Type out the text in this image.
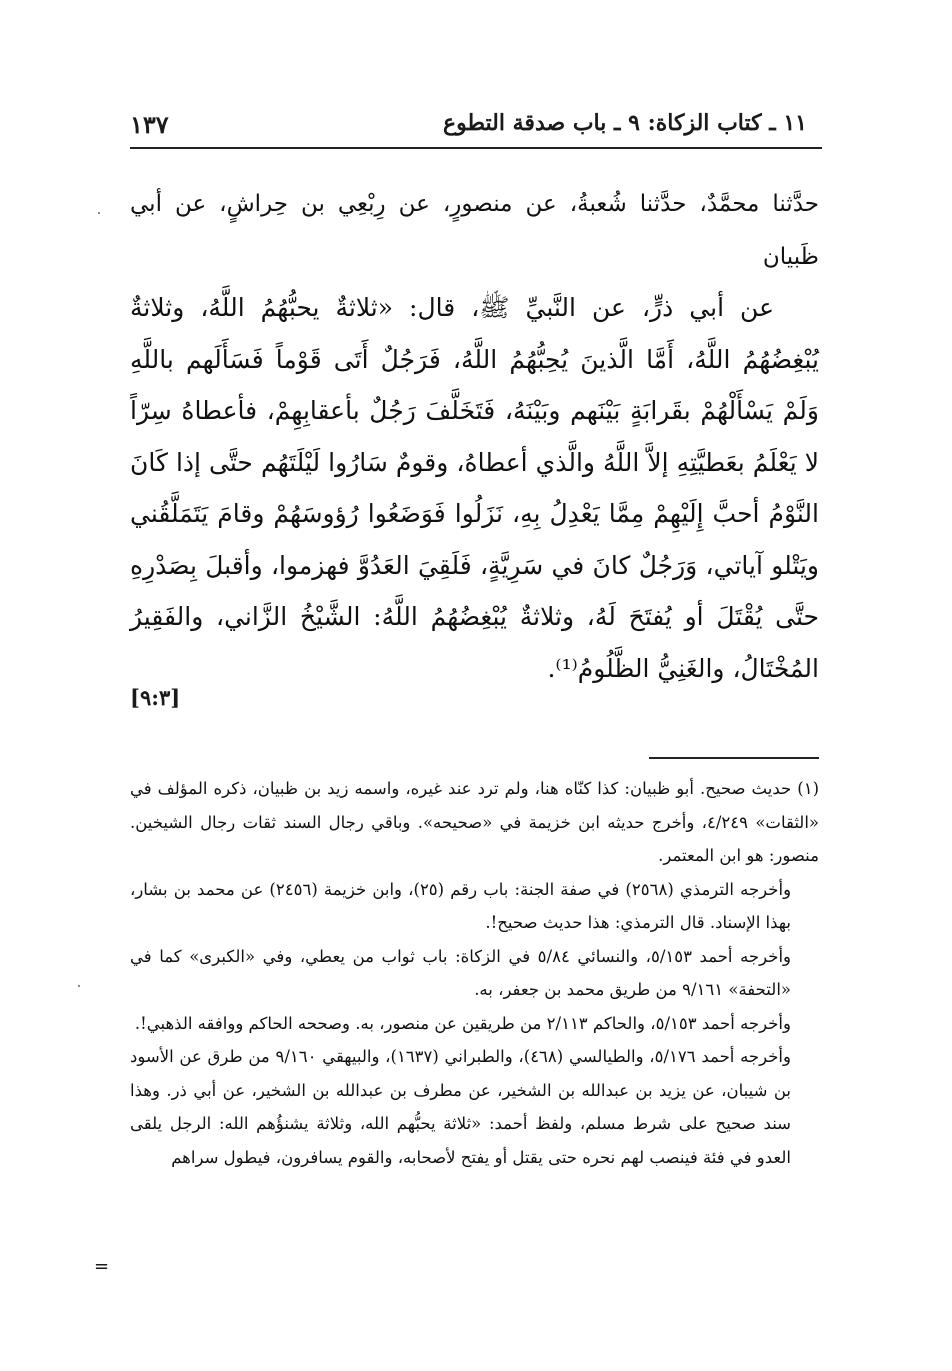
١١ ـ كتاب الزكاة: ٩ ـ باب صدقة التطوع
١٣٧
حدَّثنا محمَّدٌ، حدَّثنا شُعبةُ، عن منصورٍ، عن رِبْعِي بن حِراشٍ، عن أبي ظَبيان

عن أبي ذرٍّ، عن النَّبيِّ ﷺ، قال: «ثلاثةٌ يحبُّهُمُ اللَّهُ، وثلاثةٌ يُبْغِضُهُمُ اللَّهُ، أَمَّا الَّذينَ يُحِبُّهُمُ اللَّهُ، فَرَجُلٌ أَتَى قَوْماً فَسَأَلَهم باللَّهِ وَلَمْ يَسْأَلْهُمْ بقَرابَةٍ بَيْنَهم وبَيْنَهُ، فَتَخَلَّفَ رَجُلٌ بأعقابِهِمْ، فأعطاهُ سِرّاً لا يَعْلَمُ بعَطيَّتِهِ إلاَّ اللَّهُ والَّذي أعطاهُ، وقومٌ سَارُوا لَيْلَتَهُم حتَّى إذا كَانَ النَّوْمُ أحبَّ إِلَيْهِمْ مِمَّا يَعْدِلُ بِهِ، نَزَلُوا فَوَضَعُوا رُؤوسَهُمْ وقامَ يَتَمَلَّقُني ويَتْلو آياتي، وَرَجُلٌ كانَ في سَرِيَّةٍ، فَلَقِيَ العَدُوَّ فهزموا، وأقبلَ بِصَدْرِهِ حتَّى يُقْتَلَ أو يُفتَحَ لَهُ، وثلاثةٌ يُبْغِضُهُمُ اللَّهُ: الشَّيْخُ الزَّاني، والفَقِيرُ المُخْتَالُ، والغَنِيُّ الظَّلُومُ⁽¹⁾.

[٩:٣]

(١) حديث صحيح. أبو ظبيان: كذا كنّاه هنا، ولم ترد عند غيره، واسمه زيد بن ظبيان، ذكره المؤلف في «الثقات» ٤/٢٤٩، وأخرج حديثه ابن خزيمة في «صحيحه». وباقي رجال السند ثقات رجال الشيخين. منصور: هو ابن المعتمر.

وأخرجه الترمذي (٢٥٦٨) في صفة الجنة: باب رقم (٢٥)، وابن خزيمة (٢٤٥٦) عن محمد بن بشار، بهذا الإسناد. قال الترمذي: هذا حديث صحيح!.

وأخرجه أحمد ٥/١٥٣، والنسائي ٥/٨٤ في الزكاة: باب ثواب من يعطي، وفي «الكبرى» كما في «التحفة» ٩/١٦١ من طريق محمد بن جعفر، به.

وأخرجه أحمد ٥/١٥٣، والحاكم ٢/١١٣ من طريقين عن منصور، به. وصححه الحاكم ووافقه الذهبي!.

وأخرجه أحمد ٥/١٧٦، والطيالسي (٤٦٨)، والطبراني (١٦٣٧)، والبيهقي ٩/١٦٠ من طرق عن الأسود بن شيبان، عن يزيد بن عبدالله بن الشخير، عن مطرف بن عبدالله بن الشخير، عن أبي ذر. وهذا سند صحيح على شرط مسلم، ولفظ أحمد: «ثلاثة يحبُّهم الله، وثلاثة يشنؤُهم الله: الرجل يلقى العدو في فئة فينصب لهم نحره حتى يقتل أو يفتح لأصحابه، والقوم يسافرون، فيطول سراهم

=
